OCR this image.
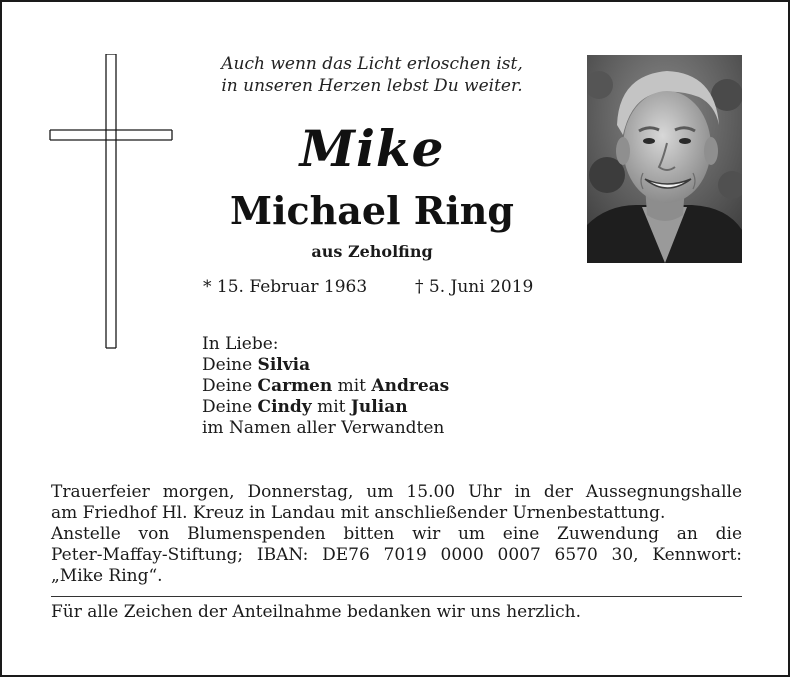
Auch wenn das Licht erloschen ist,
in unseren Herzen lebst Du weiter.
Mike
Michael Ring
aus Zeholfing
* 15. Februar 1963	† 5. Juni 2019
In Liebe:
Deine Silvia
Deine Carmen mit Andreas
Deine Cindy mit Julian
im Namen aller Verwandten
Trauerfeier morgen, Donnerstag, um 15.00 Uhr in der Aussegnungshalle
am Friedhof Hl. Kreuz in Landau mit anschließender Urnenbestattung.
Anstelle von Blumenspenden bitten wir um eine Zuwendung an die
Peter-Maffay-Stiftung; IBAN: DE76 7019 0000 0007 6570 30, Kennwort:
„Mike Ring“.
Für alle Zeichen der Anteilnahme bedanken wir uns herzlich.
